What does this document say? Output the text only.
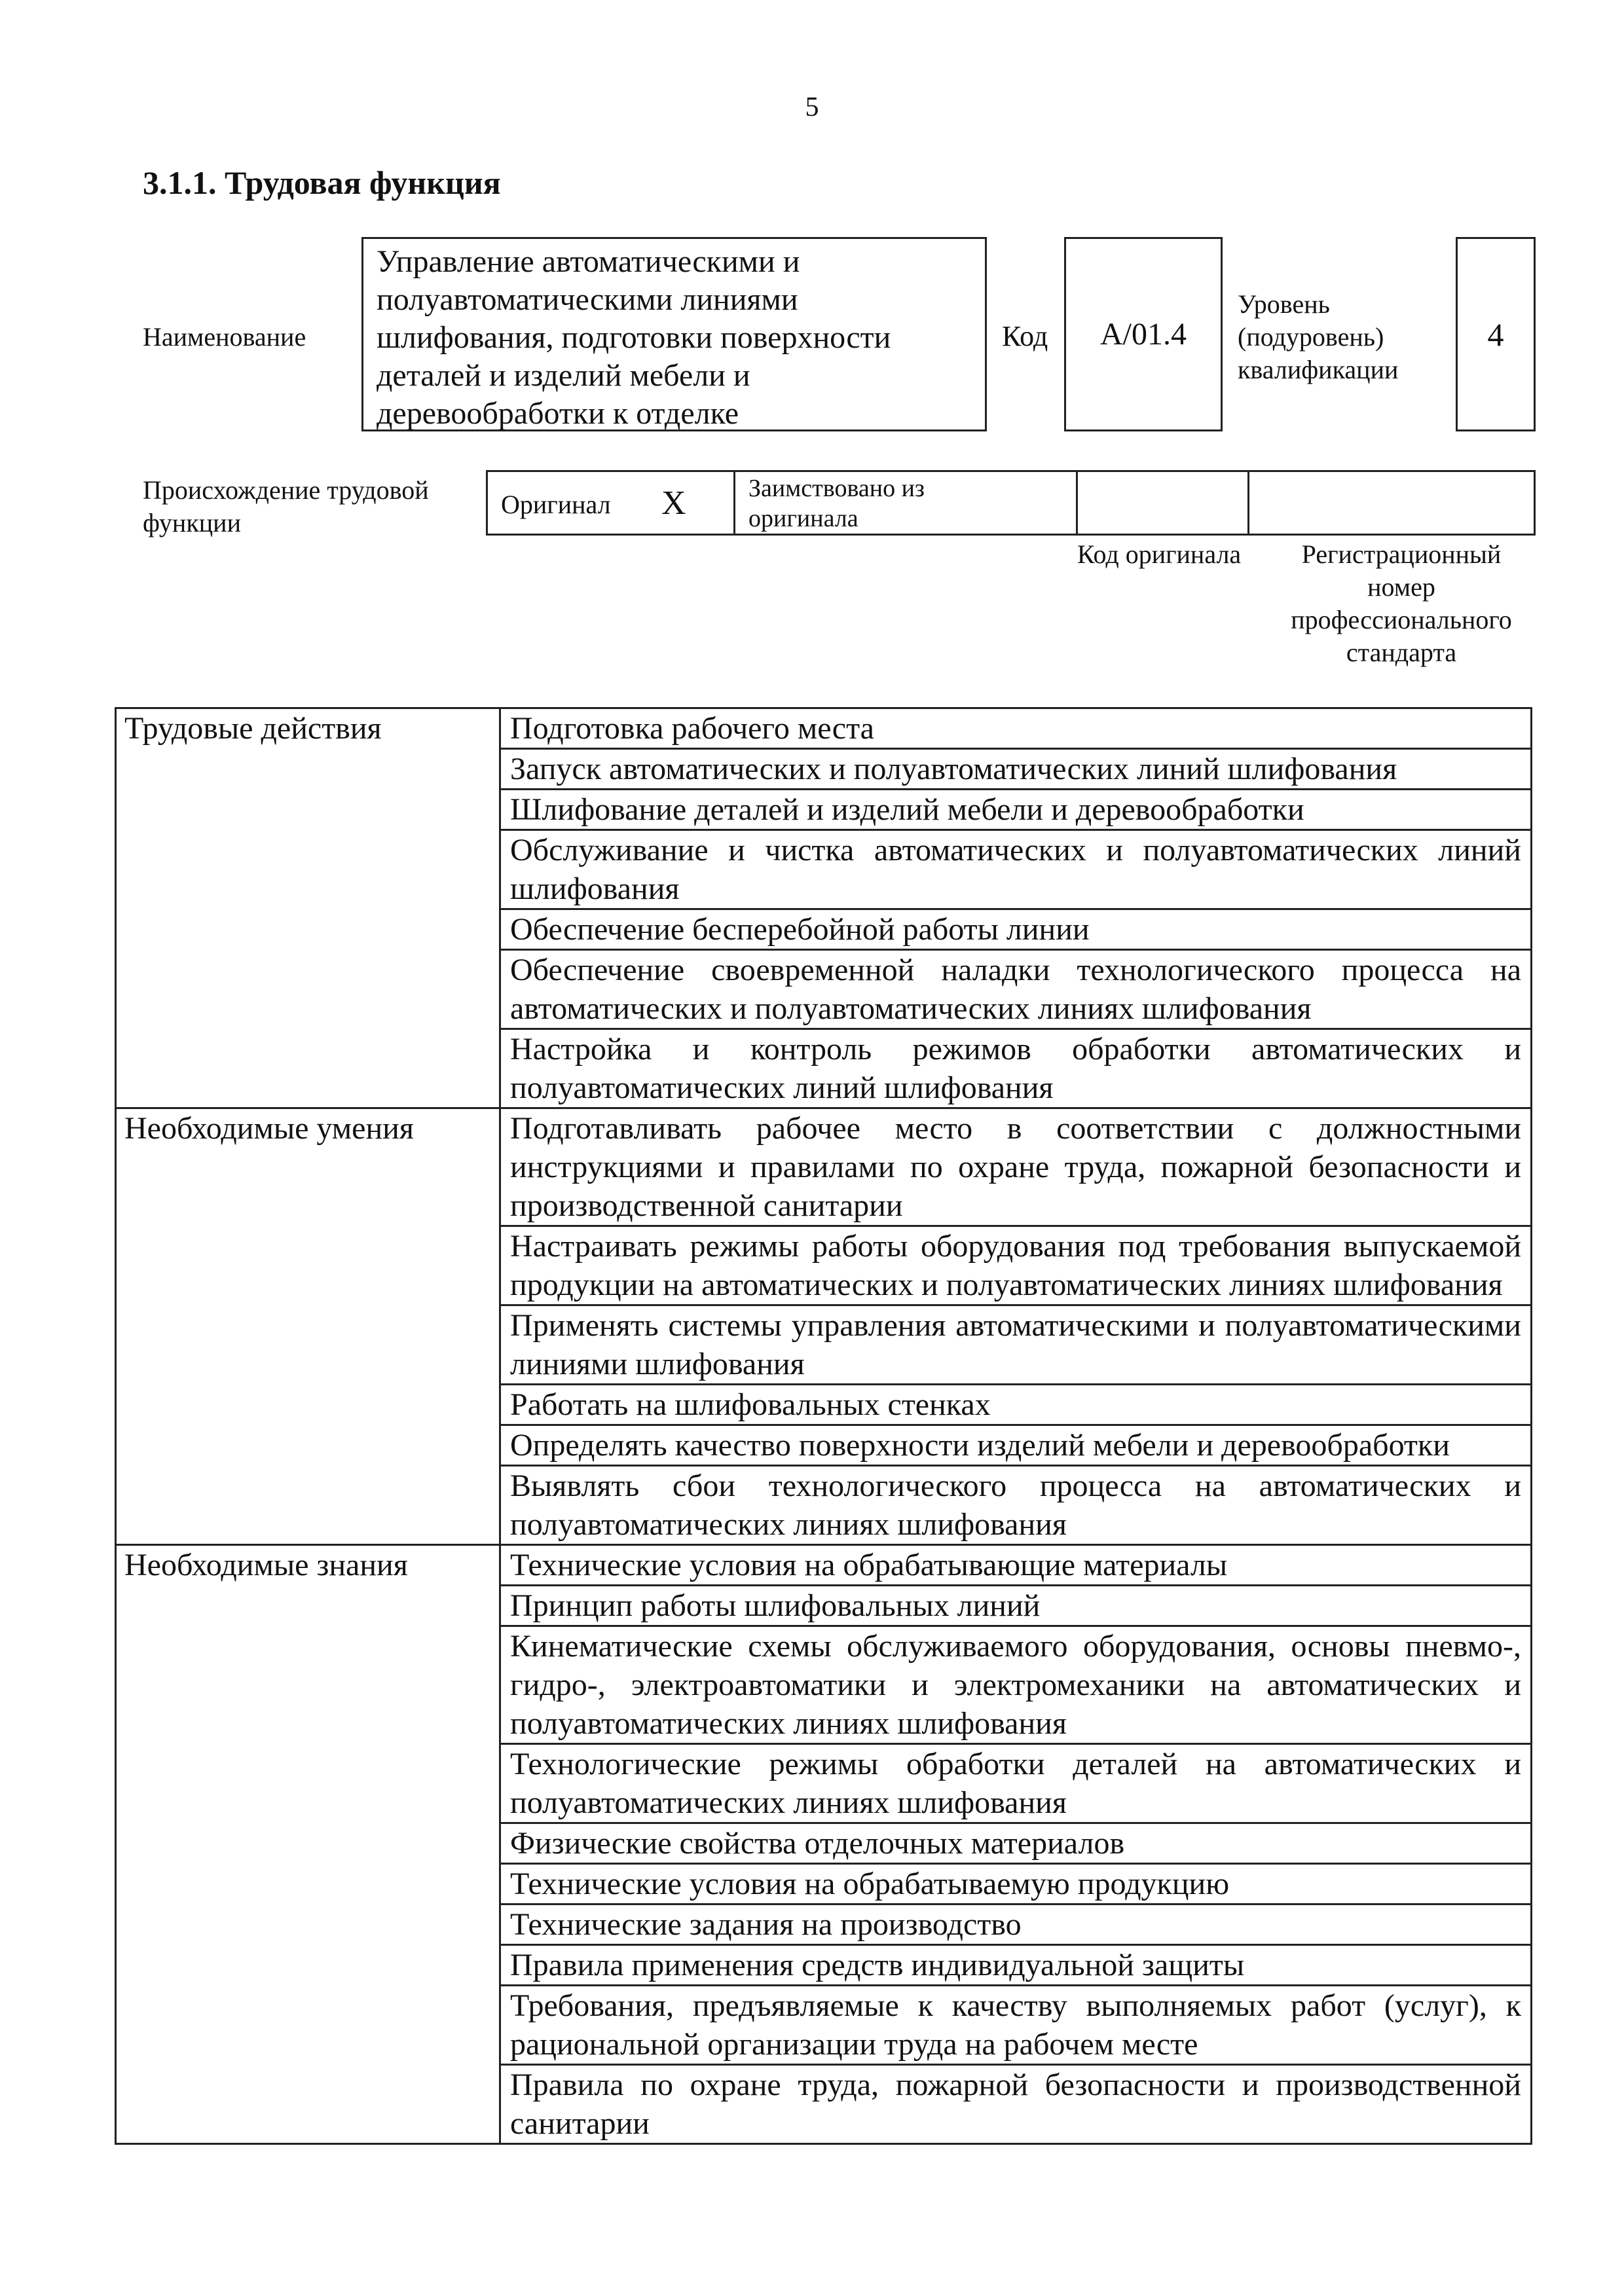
5
3.1.1. Трудовая функция
Наименование
Управление автоматическими и полуавтоматическими линиями шлифования, подготовки поверхности деталей и изделий мебели и деревообработки к отделке
Код	A/01.4
Уровень (подуровень) квалификации
4
Происхождение трудовой функции
Оригинал X	Заимствовано из оригинала
Код оригинала	Регистрационный номер профессионального стандарта
Трудовые действия	Подготовка рабочего места
	Запуск автоматических и полуавтоматических линий шлифования
	Шлифование деталей и изделий мебели и деревообработки
	Обслуживание и чистка автоматических и полуавтоматических линий шлифования
	Обеспечение бесперебойной работы линии
	Обеспечение своевременной наладки технологического процесса на автоматических и полуавтоматических линиях шлифования
	Настройка и контроль режимов обработки автоматических и полуавтоматических линий шлифования
Необходимые умения	Подготавливать рабочее место в соответствии с должностными инструкциями и правилами по охране труда, пожарной безопасности и производственной санитарии
	Настраивать режимы работы оборудования под требования выпускаемой продукции на автоматических и полуавтоматических линиях шлифования
	Применять системы управления автоматическими и полуавтоматическими линиями шлифования
	Работать на шлифовальных стенках
	Определять качество поверхности изделий мебели и деревообработки
	Выявлять сбои технологического процесса на автоматических и полуавтоматических линиях шлифования
Необходимые знания	Технические условия на обрабатывающие материалы
	Принцип работы шлифовальных линий
	Кинематические схемы обслуживаемого оборудования, основы пневмо-, гидро-, электроавтоматики и электромеханики на автоматических и полуавтоматических линиях шлифования
	Технологические режимы обработки деталей на автоматических и полуавтоматических линиях шлифования
	Физические свойства отделочных материалов
	Технические условия на обрабатываемую продукцию
	Технические задания на производство
	Правила применения средств индивидуальной защиты
	Требования, предъявляемые к качеству выполняемых работ (услуг), к рациональной организации труда на рабочем месте
	Правила по охране труда, пожарной безопасности и производственной санитарии
